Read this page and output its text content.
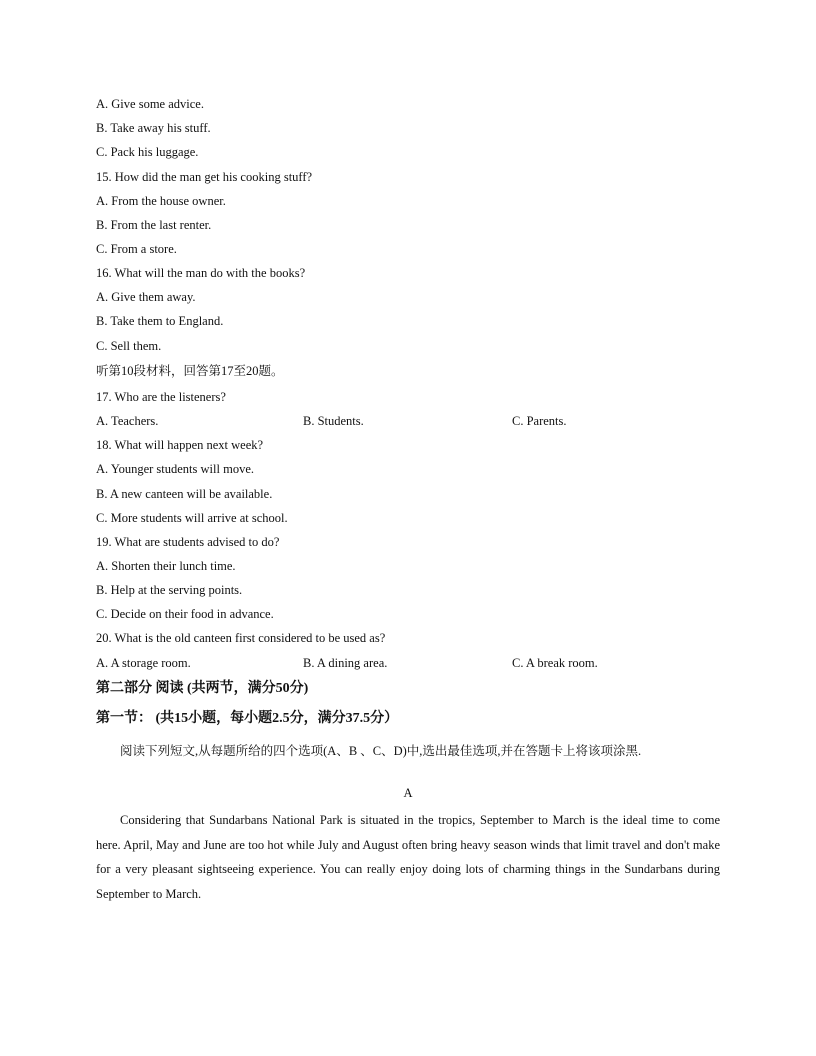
A. Give some advice.
B. Take away his stuff.
C. Pack his luggage.
15. How did the man get his cooking stuff?
A. From the house owner.
B. From the last renter.
C. From a store.
16. What will the man do with the books?
A. Give them away.
B. Take them to England.
C. Sell them.
听第10段材料，回答第17至20题。
17. Who are the listeners?
A. Teachers.	B. Students.	C. Parents.
18. What will happen next week?
A. Younger students will move.
B. A new canteen will be available.
C. More students will arrive at school.
19. What are students advised to do?
A. Shorten their lunch time.
B. Help at the serving points.
C. Decide on their food in advance.
20. What is the old canteen first considered to be used as?
A. A storage room.	B. A dining area.	C. A break room.
第二部分 阅读 (共两节，满分50分)
第一节： (共15小题，每小题2.5分，满分37.5分）
阅读下列短文,从每题所给的四个选项(A、B 、C、D)中,选出最佳选项,并在答题卡上将该项涂黑.
A
Considering that Sundarbans National Park is situated in the tropics, September to March is the ideal time to come here. April, May and June are too hot while July and August often bring heavy season winds that limit travel and don't make for a very pleasant sightseeing experience. You can really enjoy doing lots of charming things in the Sundarbans during September to March.
